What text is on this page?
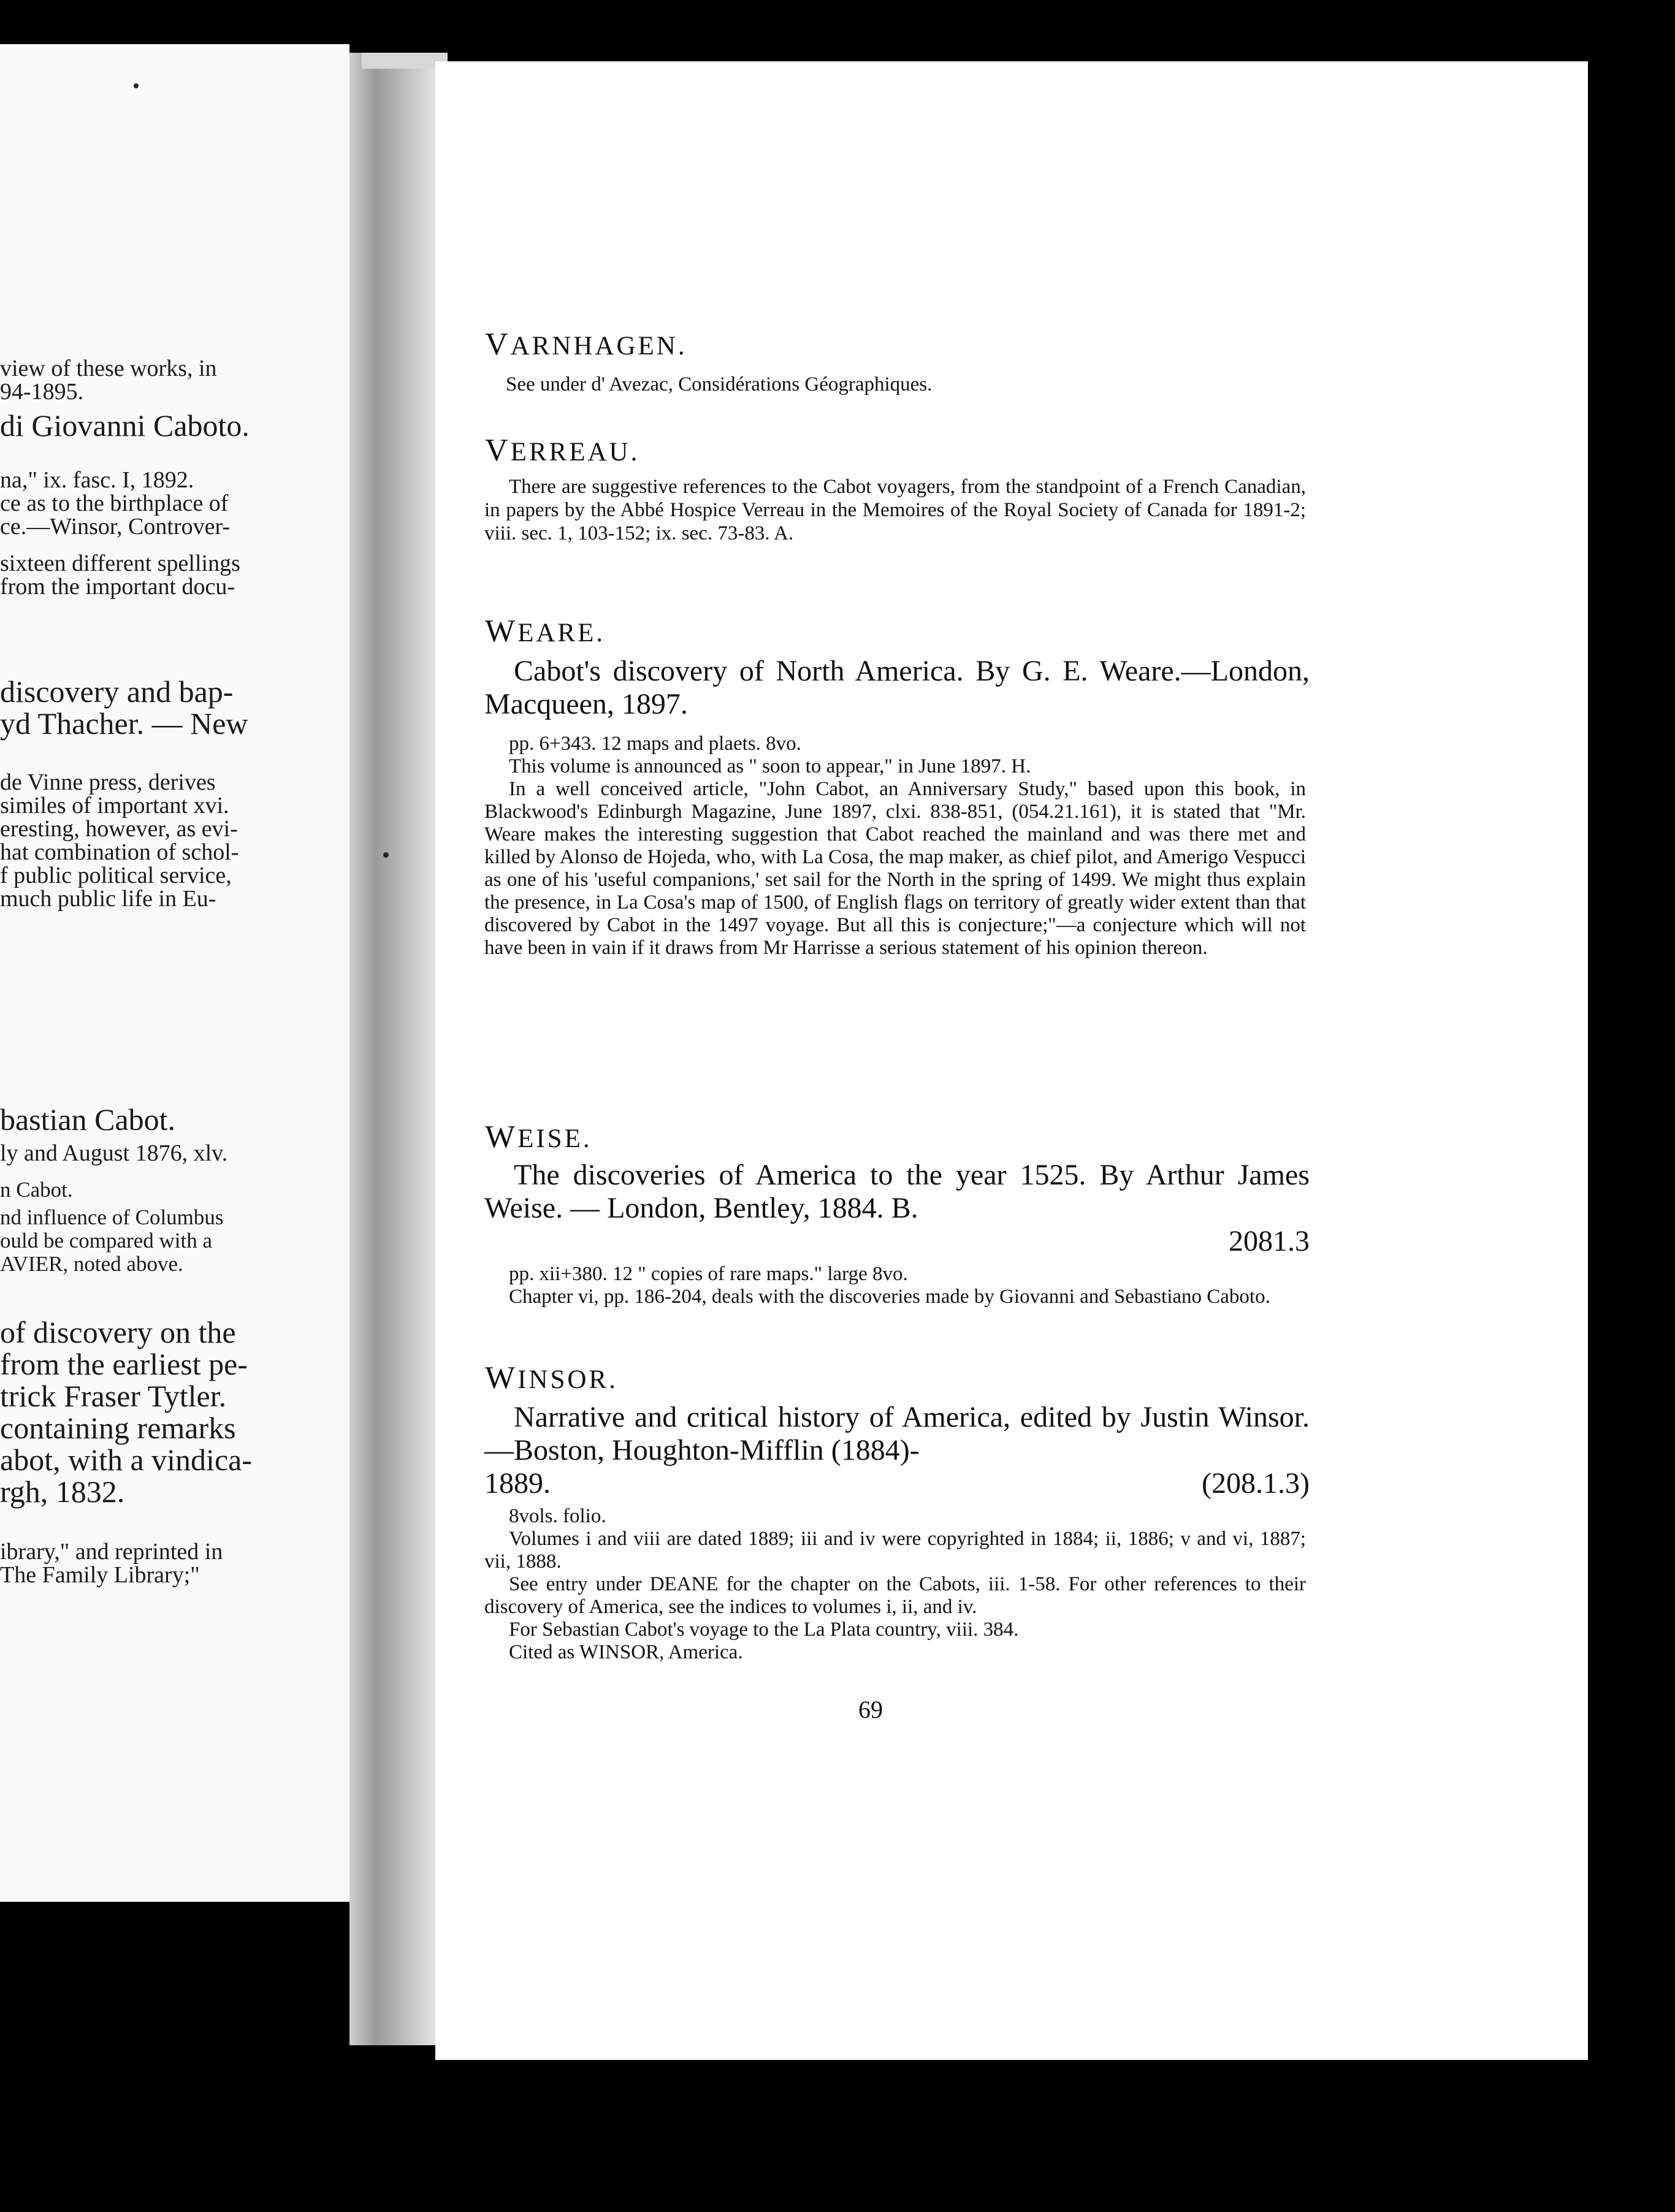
view of these works, in
94-1895.
di Giovanni Caboto.
na," ix. fasc. I, 1892.
ce as to the birthplace of
ce.—Winsor, Controver-
sixteen different spellings
from the important docu-
discovery and bap-
yd Thacher. — New
de Vinne press, derives
similes of important xvi.
eresting, however, as evi-
hat combination of schol-
f public political service,
much public life in Eu-
bastian Cabot.
ly and August 1876, xlv.
n Cabot.
nd influence of Columbus
ould be compared with a
AVIER, noted above.
of discovery on the
from the earliest pe-
trick Fraser Tytler.
containing remarks
abot, with a vindica-
rgh, 1832.
ibrary," and reprinted in
The Family Library;"
VARNHAGEN.

See under d' Avezac, Considérations Géographiques.

VERREAU.

There are suggestive references to the Cabot voyagers, from the standpoint of a French Canadian, in papers by the Abbé Hospice Verreau in the Memoires of the Royal Society of Canada for 1891-2; viii. sec. 1, 103-152; ix. sec. 73-83. A.

WEARE.

Cabot's discovery of North America. By G. E. Weare.—London, Macqueen, 1897.

pp. 6+343. 12 maps and plaets. 8vo.

This volume is announced as " soon to appear," in June 1897. H.

In a well conceived article, "John Cabot, an Anniversary Study," based upon this book, in Blackwood's Edinburgh Magazine, June 1897, clxi. 838-851, (054.21.161), it is stated that "Mr. Weare makes the interesting suggestion that Cabot reached the mainland and was there met and killed by Alonso de Hojeda, who, with La Cosa, the map maker, as chief pilot, and Amerigo Vespucci as one of his 'useful companions,' set sail for the North in the spring of 1499. We might thus explain the presence, in La Cosa's map of 1500, of English flags on territory of greatly wider extent than that discovered by Cabot in the 1497 voyage. But all this is conjecture;"—a conjecture which will not have been in vain if it draws from Mr Harrisse a serious statement of his opinion thereon.

WEISE.

The discoveries of America to the year 1525. By Arthur James Weise. — London, Bentley, 1884. B.

2081.3

pp. xii+380. 12 " copies of rare maps." large 8vo.

Chapter vi, pp. 186-204, deals with the discoveries made by Giovanni and Sebastiano Caboto.

WINSOR.

Narrative and critical history of America, edited by Justin Winsor.—Boston, Houghton-Mifflin (1884)-

1889.	(208.1.3)

8vols. folio.

Volumes i and viii are dated 1889; iii and iv were copyrighted in 1884; ii, 1886; v and vi, 1887; vii, 1888.

See entry under DEANE for the chapter on the Cabots, iii. 1-58. For other references to their discovery of America, see the indices to volumes i, ii, and iv.

For Sebastian Cabot's voyage to the La Plata country, viii. 384.

Cited as WINSOR, America.

69
